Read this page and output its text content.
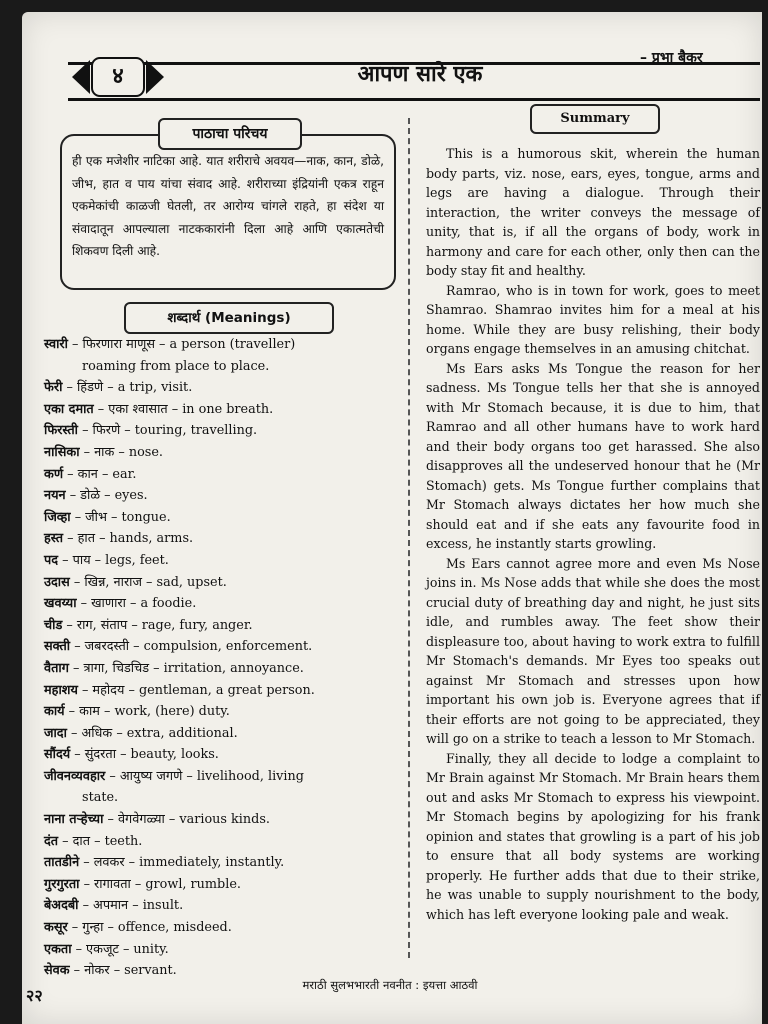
४	आपण सारे एक
– प्रभा बैकर
पाठाचा परिचय
ही एक मजेशीर नाटिका आहे. यात शरीराचे अवयव—नाक, कान, डोळे, जीभ, हात व पाय यांचा संवाद आहे. शरीराच्या इंद्रियांनी एकत्र राहून एकमेकांची काळजी घेतली, तर आरोग्य चांगले राहते, हा संदेश या संवादातून आपल्याला नाटककारांनी दिला आहे आणि एकात्मतेची शिकवण दिली आहे.
शब्दार्थ (Meanings)
स्वारी – फिरणारा माणूस – a person (traveller)
roaming from place to place.
फेरी – हिंडणे – a trip, visit.
एका दमात – एका श्वासात – in one breath.
फिरस्ती – फिरणे – touring, travelling.
नासिका – नाक – nose.
कर्ण – कान – ear.
नयन – डोळे – eyes.
जिव्हा – जीभ – tongue.
हस्त – हात – hands, arms.
पद – पाय – legs, feet.
उदास – खिन्न, नाराज – sad, upset.
खवय्या – खाणारा – a foodie.
चीड – राग, संताप – rage, fury, anger.
सक्ती – जबरदस्ती – compulsion, enforcement.
वैताग – त्रागा, चिडचिड – irritation, annoyance.
महाशय – महोदय – gentleman, a great person.
कार्य – काम – work, (here) duty.
जादा – अधिक – extra, additional.
सौंदर्य – सुंदरता – beauty, looks.
जीवनव्यवहार – आयुष्य जगणे – livelihood, living
state.
नाना तऱ्हेच्या – वेगवेगळ्या – various kinds.
दंत – दात – teeth.
तातडीने – लवकर – immediately, instantly.
गुरगुरता – रागावता – growl, rumble.
बेअदबी – अपमान – insult.
कसूर – गुन्हा – offence, misdeed.
एकता – एकजूट – unity.
सेवक – नोकर – servant.
Summary

This is a humorous skit, wherein the human body parts, viz. nose, ears, eyes, tongue, arms and legs are having a dialogue. Through their interaction, the writer conveys the message of unity, that is, if all the organs of body, work in harmony and care for each other, only then can the body stay fit and healthy.

Ramrao, who is in town for work, goes to meet Shamrao. Shamrao invites him for a meal at his home. While they are busy relishing, their body organs engage themselves in an amusing chitchat.

Ms Ears asks Ms Tongue the reason for her sadness. Ms Tongue tells her that she is annoyed with Mr Stomach because, it is due to him, that Ramrao and all other humans have to work hard and their body organs too get harassed. She also disapproves all the undeserved honour that he (Mr Stomach) gets. Ms Tongue further complains that Mr Stomach always dictates her how much she should eat and if she eats any favourite food in excess, he instantly starts growling.

Ms Ears cannot agree more and even Ms Nose joins in. Ms Nose adds that while she does the most crucial duty of breathing day and night, he just sits idle, and rumbles away. The feet show their displeasure too, about having to work extra to fulfill Mr Stomach's demands. Mr Eyes too speaks out against Mr Stomach and stresses upon how important his own job is. Everyone agrees that if their efforts are not going to be appreciated, they will go on a strike to teach a lesson to Mr Stomach.

Finally, they all decide to lodge a complaint to Mr Brain against Mr Stomach. Mr Brain hears them out and asks Mr Stomach to express his viewpoint. Mr Stomach begins by apologizing for his frank opinion and states that growling is a part of his job to ensure that all body systems are working properly. He further adds that due to their strike, he was unable to supply nourishment to the body, which has left everyone looking pale and weak.

२२
मराठी सुलभभारती नवनीत : इयत्ता आठवी
